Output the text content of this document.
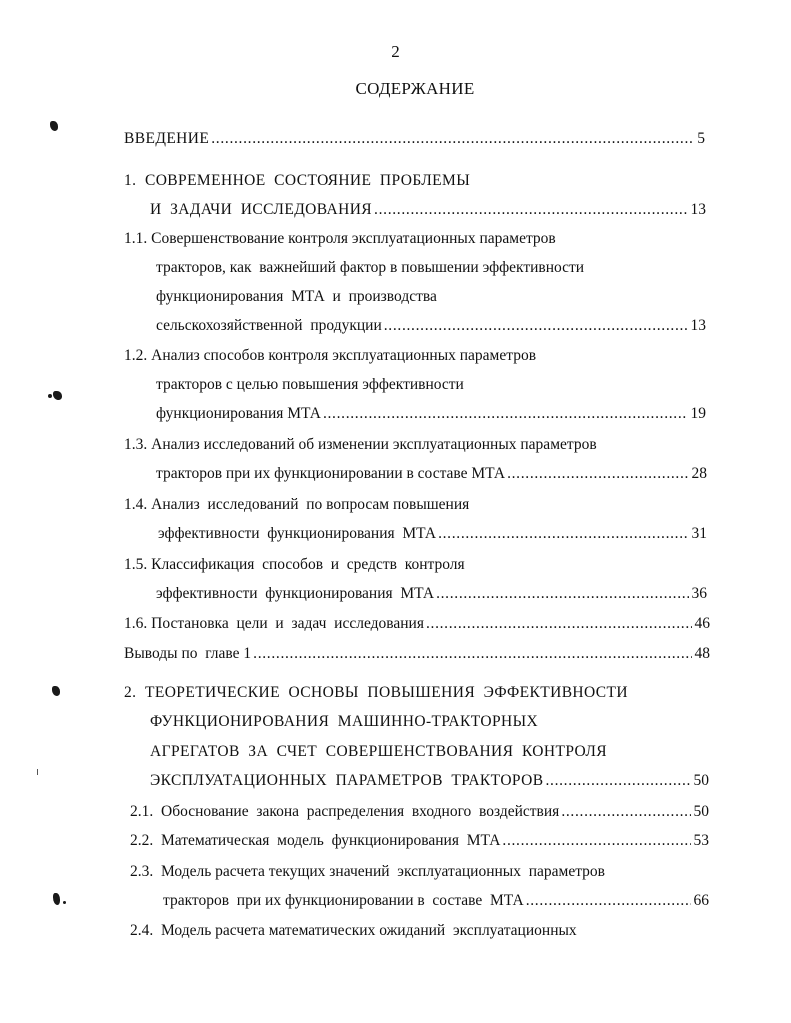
2
СОДЕРЖАНИЕ
ВВЕДЕНИЕ . . .	5
1.  СОВРЕМЕННОЕ  СОСТОЯНИЕ  ПРОБЛЕМЫ
И  ЗАДАЧИ  ИССЛЕДОВАНИЯ . . .	13
1.1. Совершенствование контроля эксплуатационных параметров
тракторов, как  важнейший фактор в повышении эффективности
функционирования  МТА  и  производства
сельскохозяйственной  продукции . . .	13
1.2. Анализ способов контроля эксплуатационных параметров
тракторов с целью повышения эффективности
функционирования МТА . . .	19
1.3. Анализ исследований об изменении эксплуатационных параметров
тракторов при их функционировании в составе МТА . . .	28
1.4. Анализ  исследований  по вопросам повышения
эффективности  функционирования  МТА . . .	31
1.5. Классификация  способов  и  средств  контроля
эффективности  функционирования  МТА . . .	36
1.6. Постановка  цели  и  задач  исследования . . .	46
Выводы по  главе 1 . . .	48
2.  ТЕОРЕТИЧЕСКИЕ  ОСНОВЫ  ПОВЫШЕНИЯ  ЭФФЕКТИВНОСТИ
ФУНКЦИОНИРОВАНИЯ  МАШИННО-ТРАКТОРНЫХ
АГРЕГАТОВ  ЗА  СЧЕТ  СОВЕРШЕНСТВОВАНИЯ  КОНТРОЛЯ
ЭКСПЛУАТАЦИОННЫХ  ПАРАМЕТРОВ  ТРАКТОРОВ . . .	50
2.1.  Обоснование  закона  распределения  входного  воздействия . . .	50
2.2.  Математическая  модель  функционирования  МТА . . .	53
2.3.  Модель расчета текущих значений  эксплуатационных  параметров
тракторов  при их функционировании в  составе  МТА . . .	66
2.4.  Модель расчета математических ожиданий  эксплуатационных
